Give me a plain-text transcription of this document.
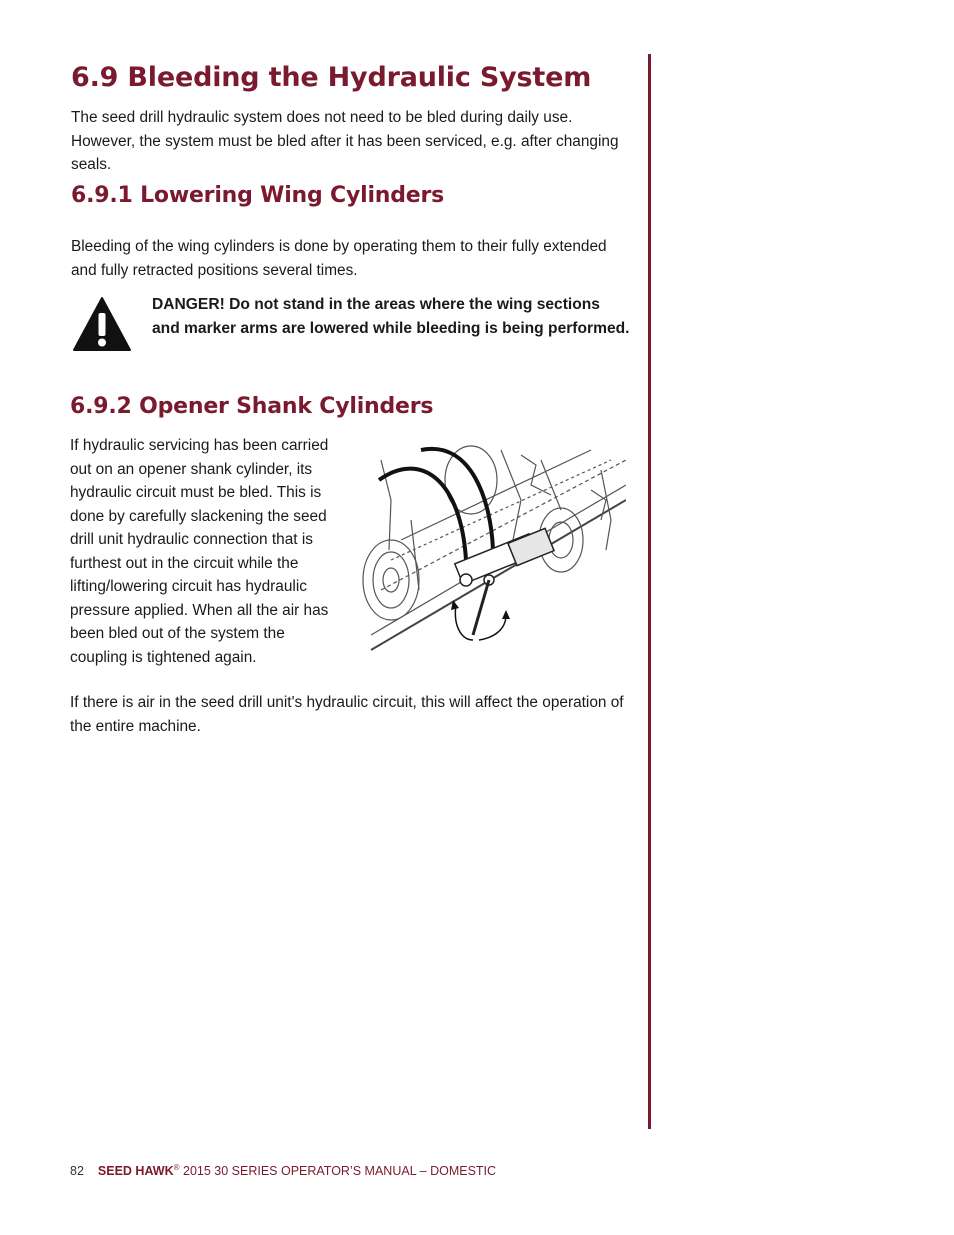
6.9 Bleeding the Hydraulic System

The seed drill hydraulic system does not need to be bled during daily use. However, the system must be bled after it has been serviced, e.g. after changing seals.

6.9.1 Lowering Wing Cylinders

Bleeding of the wing cylinders is done by operating them to their fully extended and fully retracted positions several times.

DANGER! Do not stand in the areas where the wing sections and marker arms are lowered while bleeding is being performed.

6.9.2 Opener Shank Cylinders

If hydraulic servicing has been carried out on an opener shank cylinder, its hydraulic circuit must be bled. This is done by carefully slackening the seed drill unit hydraulic connection that is furthest out in the circuit while the lifting/lowering circuit has hydraulic pressure applied. When all the air has been bled out of the system the coupling is tightened again.

If there is air in the seed drill unit's hydraulic circuit, this will affect the operation of the entire machine.

82 SEED HAWK® 2015 30 SERIES OPERATOR’S MANUAL – DOMESTIC
